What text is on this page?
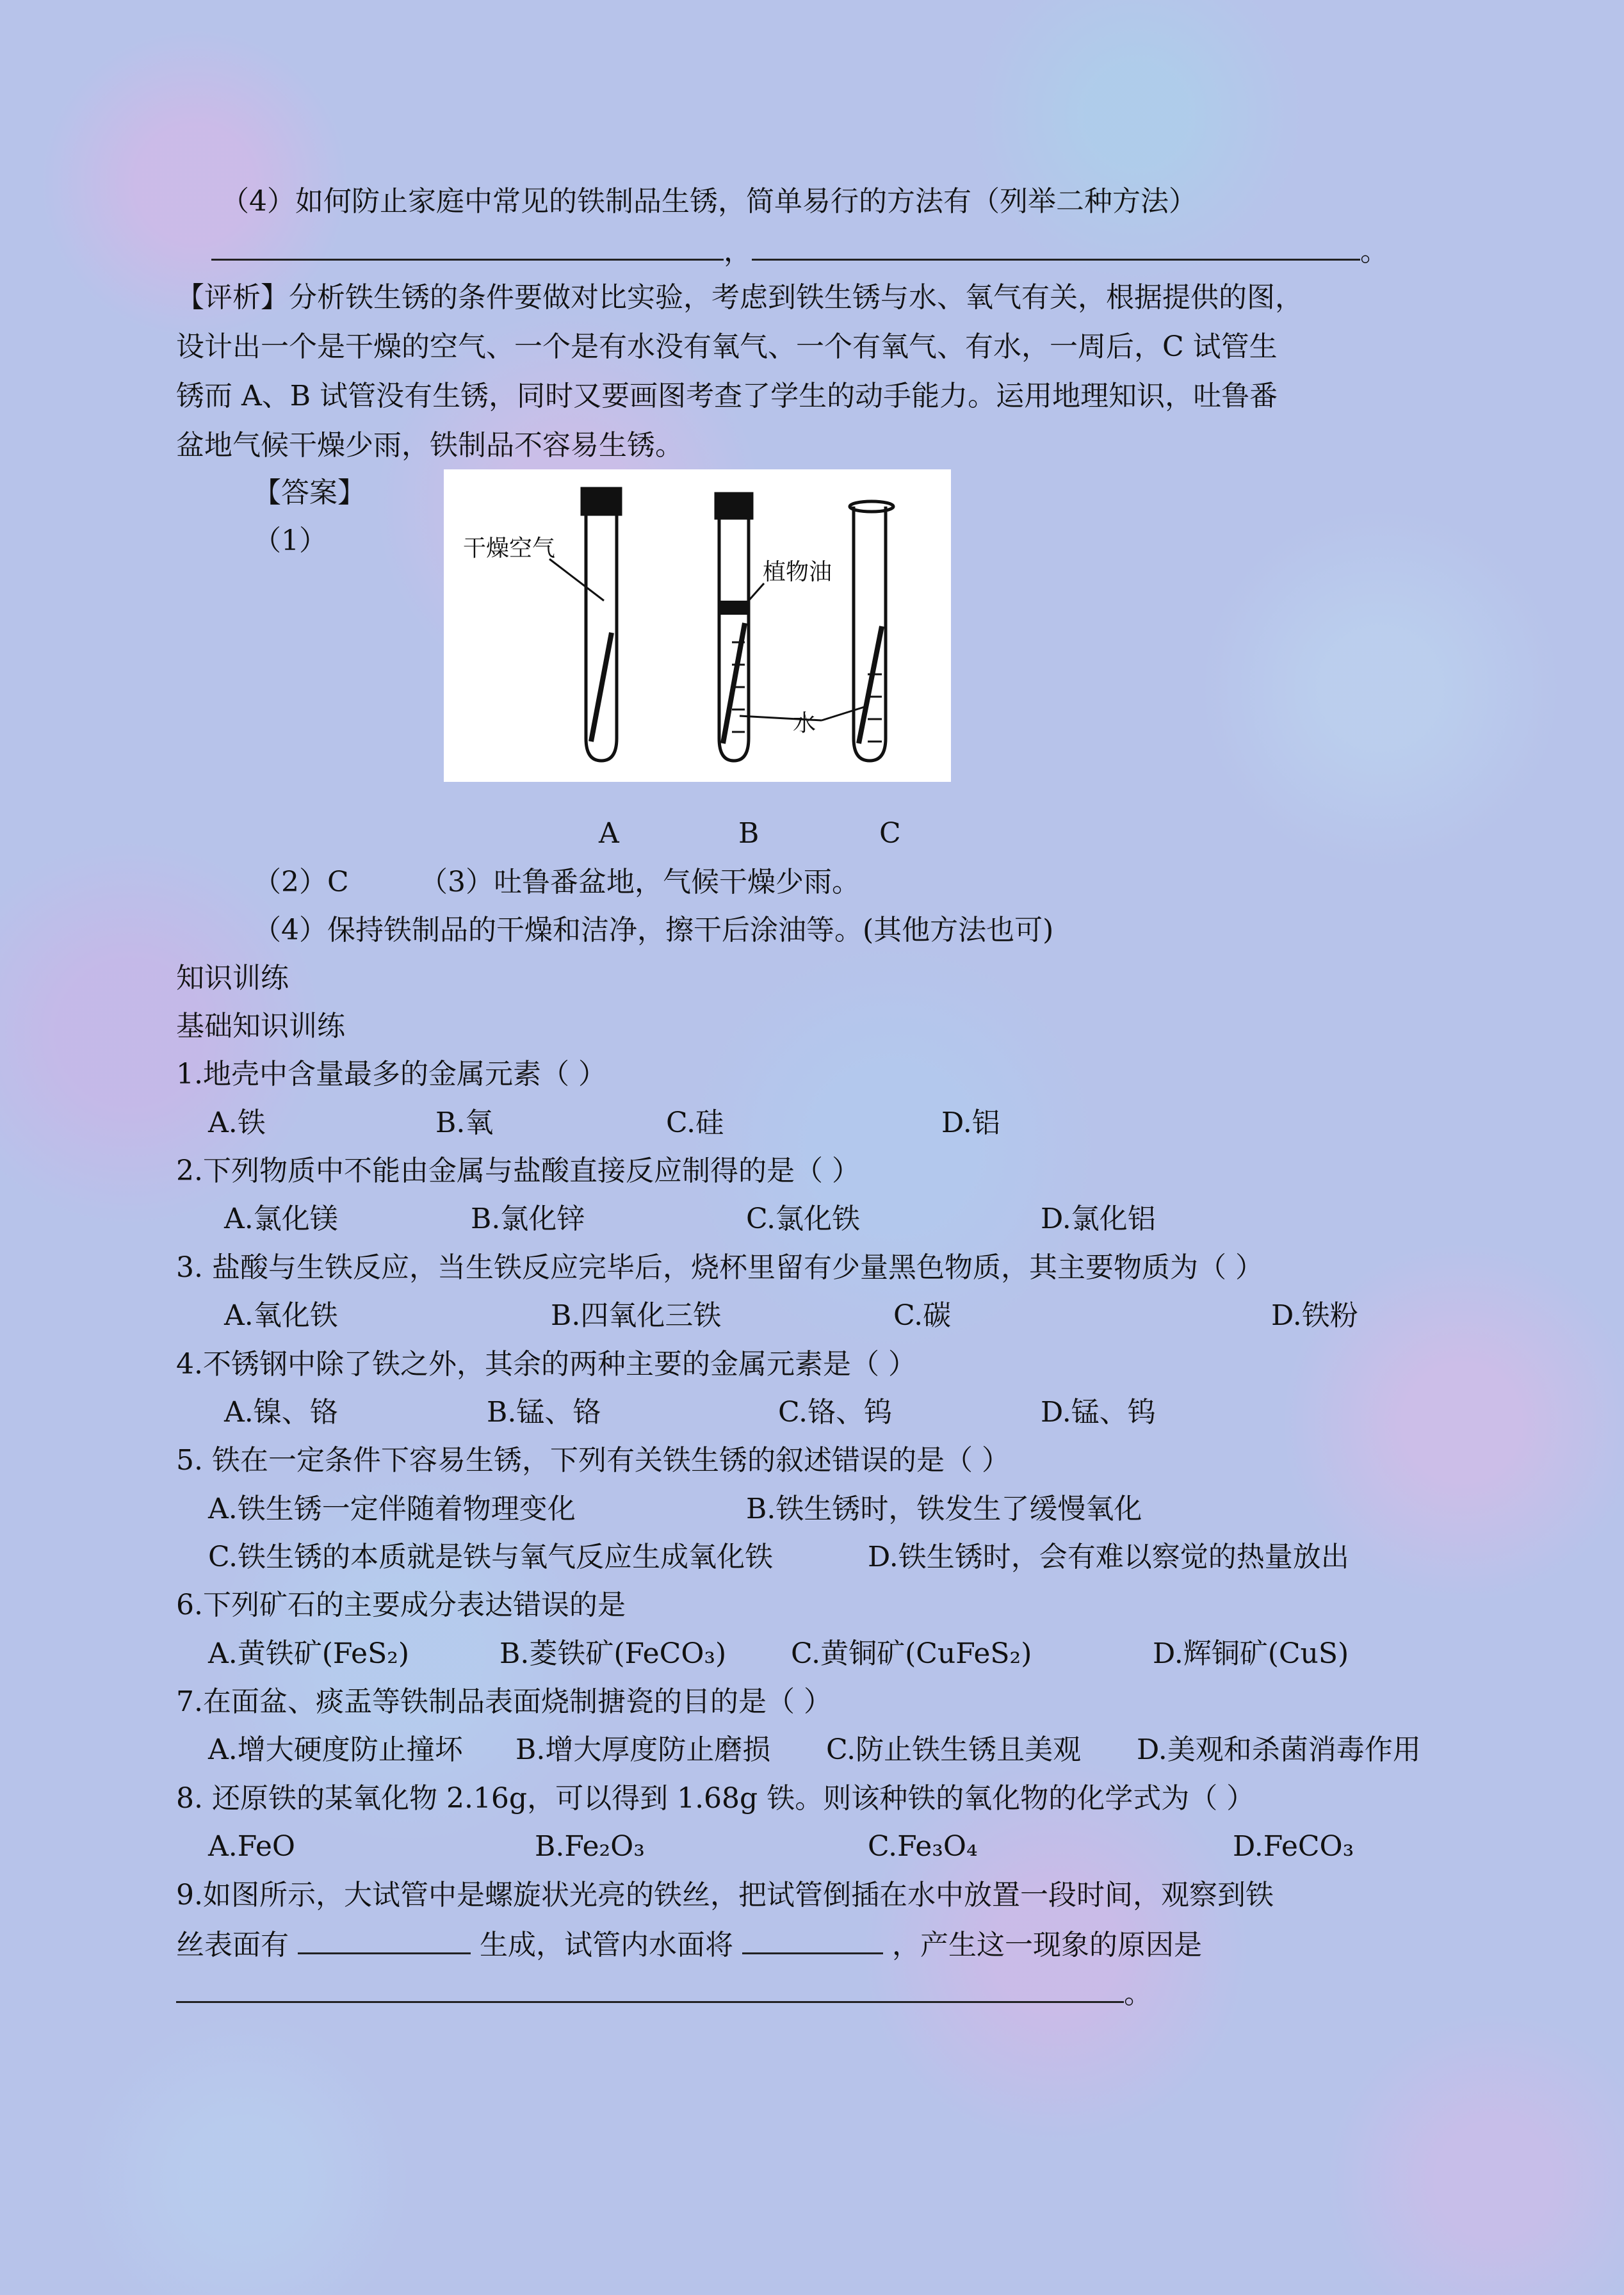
（4）如何防止家庭中常见的铁制品生锈，简单易行的方法有（列举二种方法）
，	。
【评析】分析铁生锈的条件要做对比实验，考虑到铁生锈与水、氧气有关，根据提供的图，
设计出一个是干燥的空气、一个是有水没有氧气、一个有氧气、有水，一周后，C 试管生
锈而 A、B 试管没有生锈，同时又要画图考查了学生的动手能力。运用地理知识，吐鲁番
盆地气候干燥少雨，铁制品不容易生锈。
【答案】
（1）	干燥空气
植物油
水
A	B	C
（2）C	（3）吐鲁番盆地，气候干燥少雨。
（4）保持铁制品的干燥和洁净，擦干后涂油等。(其他方法也可)
知识训练
基础知识训练
1.地壳中含量最多的金属元素（ ）
A.铁	B.氧	C.硅	D.铝
2.下列物质中不能由金属与盐酸直接反应制得的是（ ）
A.氯化镁	B.氯化锌	C.氯化铁	D.氯化铝
3. 盐酸与生铁反应，当生铁反应完毕后，烧杯里留有少量黑色物质，其主要物质为（ ）
A.氧化铁	B.四氧化三铁	C.碳	D.铁粉
4.不锈钢中除了铁之外，其余的两种主要的金属元素是（ ）
A.镍、铬	B.锰、铬	C.铬、钨	D.锰、钨
5. 铁在一定条件下容易生锈，下列有关铁生锈的叙述错误的是（ ）
A.铁生锈一定伴随着物理变化	B.铁生锈时，铁发生了缓慢氧化
C.铁生锈的本质就是铁与氧气反应生成氧化铁	D.铁生锈时，会有难以察觉的热量放出
6.下列矿石的主要成分表达错误的是
A.黄铁矿(FeS₂)	B.菱铁矿(FeCO₃) C.黄铜矿(CuFeS₂)	D.辉铜矿(CuS)
7.在面盆、痰盂等铁制品表面烧制搪瓷的目的是（ ）
A.增大硬度防止撞坏 B.增大厚度防止磨损 C.防止铁生锈且美观 D.美观和杀菌消毒作用
8. 还原铁的某氧化物 2.16g，可以得到 1.68g 铁。则该种铁的氧化物的化学式为（ ）
A.FeO	B.Fe₂O₃	C.Fe₃O₄	D.FeCO₃
9.如图所示，大试管中是螺旋状光亮的铁丝，把试管倒插在水中放置一段时间，观察到铁
丝表面有	生成，试管内水面将	，产生这一现象的原因是
。
